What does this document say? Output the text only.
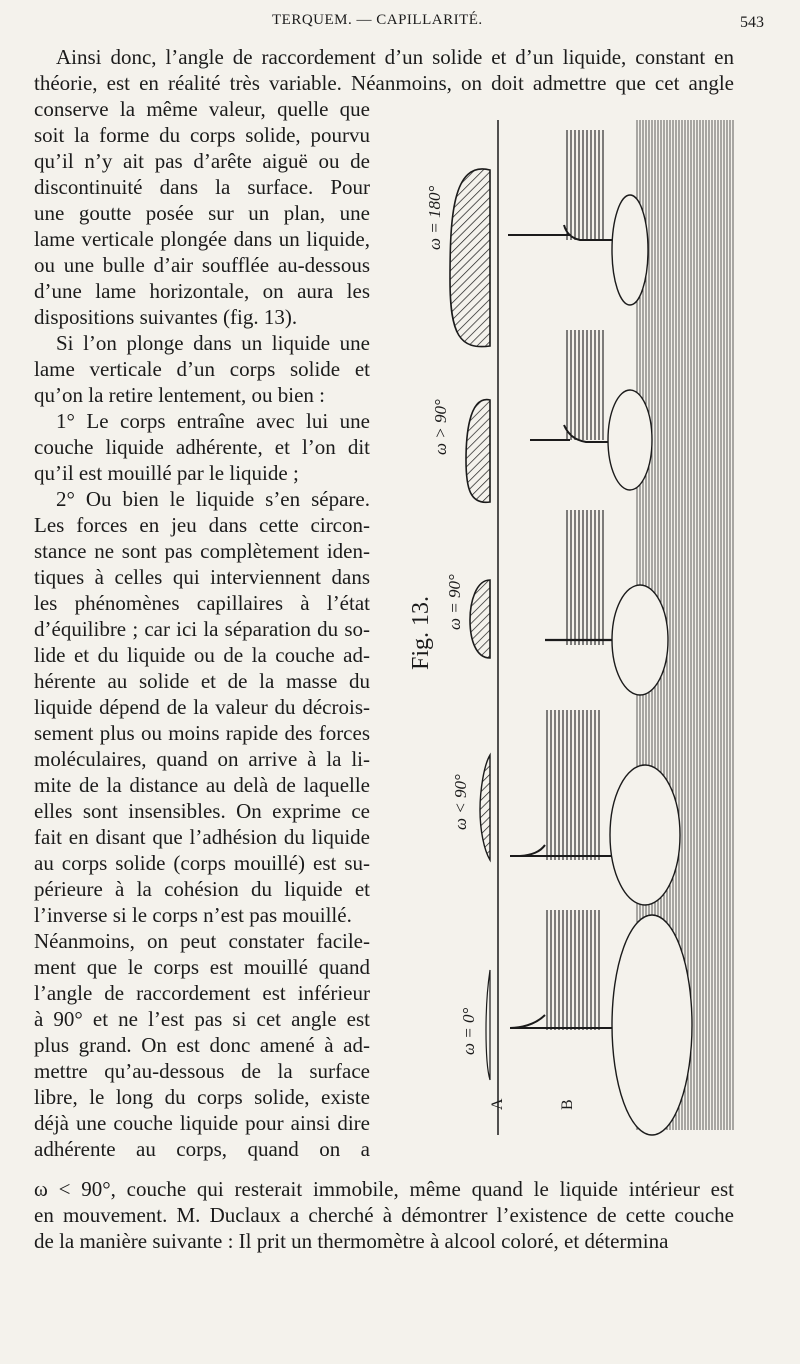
TERQUEM. — CAPILLARITÉ.	543
Ainsi donc, l’angle de raccordement d’un solide et d’un liquide, constant en
théorie, est en réalité très variable. Néanmoins, on doit admettre que cet angle
conserve la même valeur, quelle que
soit la forme du corps solide, pourvu
qu’il n’y ait pas d’arête aiguë ou de
discontinuité dans la surface. Pour
une goutte posée sur un plan, une
lame verticale plongée dans un liquide,
ou une bulle d’air soufflée au-dessous
d’une lame horizontale, on aura les
dispositions suivantes (fig. 13).
Si l’on plonge dans un liquide une
lame verticale d’un corps solide et
qu’on la retire lentement, ou bien :
1° Le corps entraîne avec lui une
couche liquide adhérente, et l’on dit
qu’il est mouillé par le liquide ;
2° Ou bien le liquide s’en sépare.
Les forces en jeu dans cette circon-
stance ne sont pas complètement iden-
tiques à celles qui interviennent dans
les phénomènes capillaires à l’état
d’équilibre ; car ici la séparation du so-
lide et du liquide ou de la couche ad-
hérente au solide et de la masse du
liquide dépend de la valeur du décrois-
sement plus ou moins rapide des forces
moléculaires, quand on arrive à la li-
mite de la distance au delà de laquelle
elles sont insensibles. On exprime ce
fait en disant que l’adhésion du liquide
au corps solide (corps mouillé) est su-
périeure à la cohésion du liquide et
l’inverse si le corps n’est pas mouillé.
Néanmoins, on peut constater facile-
ment que le corps est mouillé quand
l’angle de raccordement est inférieur
à 90° et ne l’est pas si cet angle est
plus grand. On est donc amené à ad-
mettre qu’au-dessous de la surface
libre, le long du corps solide, existe
déjà une couche liquide pour ainsi dire
adhérente au corps, quand on a
ω < 90°, couche qui resterait immobile, même quand le liquide intérieur est
en mouvement. M. Duclaux a cherché à démontrer l’existence de cette couche
de la manière suivante : Il prit un thermomètre à alcool coloré, et détermina
ω = 180°
ω > 90°
ω = 90°
ω < 90°
ω = 0°
Fig. 13.
A	B
